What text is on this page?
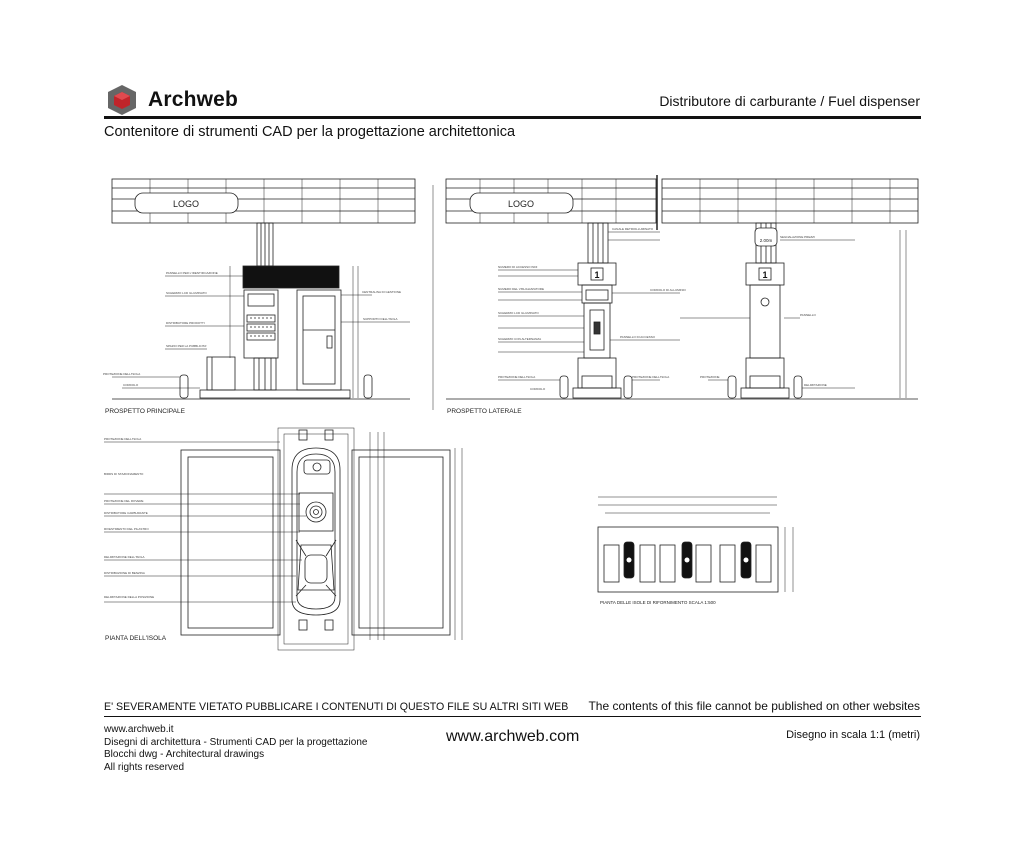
Archweb	Distributore di carburante / Fuel dispenser
Contenitore di strumenti CAD per la progettazione architettonica
LOGO
PANNELLO PER L'IDENTIFICAZIONE
SCHERMO LCD ILLUMINATO
DISTRIBUTORE PRODOTTI
SPAZIO PER LA PUBBLICITA'
PROTEZIONE DELL'ISOLA
CORDOLO
CENTRALINA DI GESTIONE
SUPPORTO DELL'ISOLA
PROSPETTO PRINCIPALE
LOGO
1
2.00m
1
NUMERO DI ACCESSO INDI
NUMERO DEL VISUALIZZATORE
SCHERMO LCD ILLUMINATO
SCHERMO CON ALTERNANZA
PROTEZIONE DELL'ISOLA
CORDOLO
CORDOLO DI ALLUMINIO
PANNELLO DI ACCESSO
CANALE RETROILLUMINATO
SEGNALAZIONE PREZZI
PANNELLO
PROTEZIONE DELL'ISOLA	PROTEZIONE
DELIMITAZIONE
PROSPETTO LATERALE
PROTEZIONE DELL'ISOLA
BIRDS DI STAZIONAMENTO
PROTEZIONE DEL ROVERE
DISTRIBUTORE CARBURANTE
RIVESTIMENTO DEL PILASTRO
DELIMITAZIONE DELL'ISOLA
DISTRIBUZIONE DI BENZINA
DELIMITAZIONE DELLA POSIZIONE
PIANTA DELL'ISOLA
PIANTA DELLE ISOLE DI RIFORNIMENTO SCALA 1:500
E' SEVERAMENTE VIETATO PUBBLICARE I CONTENUTI DI QUESTO FILE SU ALTRI SITI WEB The contents of this file cannot be published on other websites
www.archweb.it
Disegni di architettura - Strumenti CAD per la progettazione
Blocchi dwg - Architectural drawings
All rights reserved
www.archweb.com	Disegno in scala 1:1 (metri)
